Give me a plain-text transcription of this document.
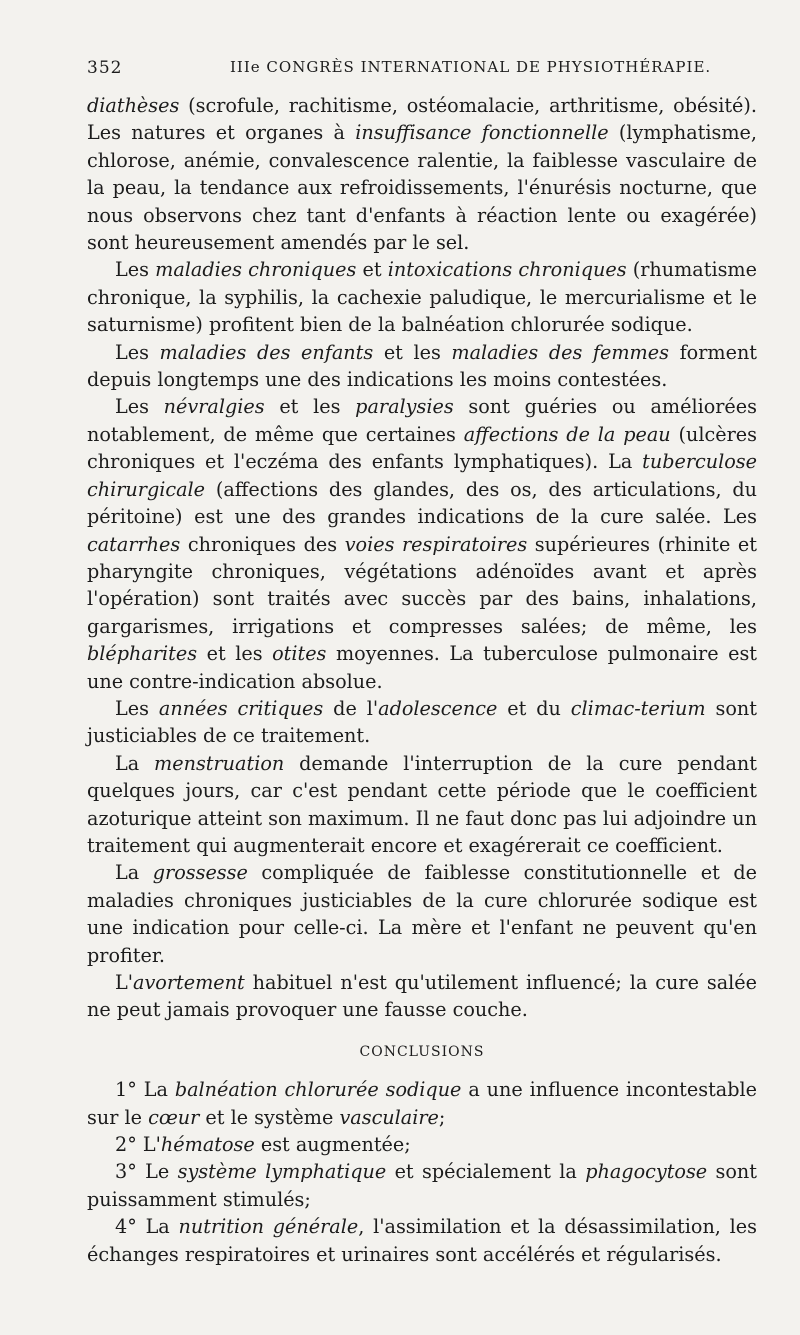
352	IIIe CONGRÈS INTERNATIONAL DE PHYSIOTHÉRAPIE.

diathèses (scrofule, rachitisme, ostéomalacie, arthritisme, obésité). Les natures et organes à insuffisance fonctionnelle (lymphatisme, chlorose, anémie, convalescence ralentie, la faiblesse vasculaire de la peau, la tendance aux refroidissements, l'énurésis nocturne, que nous observons chez tant d'enfants à réaction lente ou exagérée) sont heureusement amendés par le sel.

Les maladies chroniques et intoxications chroniques (rhumatisme chronique, la syphilis, la cachexie paludique, le mercurialisme et le saturnisme) profitent bien de la balnéation chlorurée sodique.

Les maladies des enfants et les maladies des femmes forment depuis longtemps une des indications les moins contestées.

Les névralgies et les paralysies sont guéries ou améliorées notablement, de même que certaines affections de la peau (ulcères chroniques et l'eczéma des enfants lymphatiques). La tuberculose chirurgicale (affections des glandes, des os, des articulations, du péritoine) est une des grandes indications de la cure salée. Les catarrhes chroniques des voies respiratoires supérieures (rhinite et pharyngite chroniques, végétations adénoïdes avant et après l'opération) sont traités avec succès par des bains, inhalations, gargarismes, irrigations et compresses salées; de même, les blépharites et les otites moyennes. La tuberculose pulmonaire est une contre-indication absolue.

Les années critiques de l'adolescence et du climac-terium sont justiciables de ce traitement.

La menstruation demande l'interruption de la cure pendant quelques jours, car c'est pendant cette période que le coefficient azoturique atteint son maximum. Il ne faut donc pas lui adjoindre un traitement qui augmenterait encore et exagérerait ce coefficient.

La grossesse compliquée de faiblesse constitutionnelle et de maladies chroniques justiciables de la cure chlorurée sodique est une indication pour celle-ci. La mère et l'enfant ne peuvent qu'en profiter.

L'avortement habituel n'est qu'utilement influencé; la cure salée ne peut jamais provoquer une fausse couche.

CONCLUSIONS

1° La balnéation chlorurée sodique a une influence incontestable sur le cœur et le système vasculaire;

2° L'hématose est augmentée;

3° Le système lymphatique et spécialement la phagocytose sont puissamment stimulés;

4° La nutrition générale, l'assimilation et la désassimilation, les échanges respiratoires et urinaires sont accélérés et régularisés.
